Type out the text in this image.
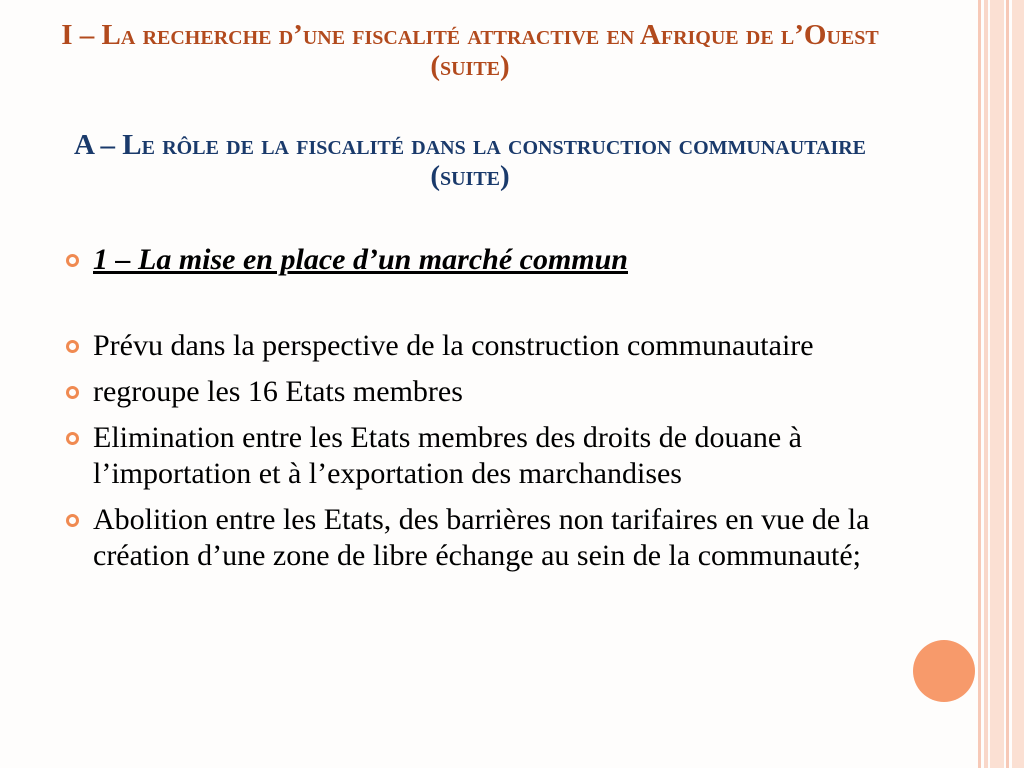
I – La recherche d’une fiscalité attractive en Afrique de l’Ouest (suite)
A – Le rôle de la fiscalité dans la construction communautaire (suite)

1 – La mise en place d’un marché commun

Prévu dans la perspective de la construction communautaire

regroupe les 16 Etats membres

Elimination entre les Etats membres des droits de douane à l’importation et à l’exportation des marchandises

Abolition entre les Etats, des barrières non tarifaires en vue de la création d’une zone de libre échange au sein de la communauté;
